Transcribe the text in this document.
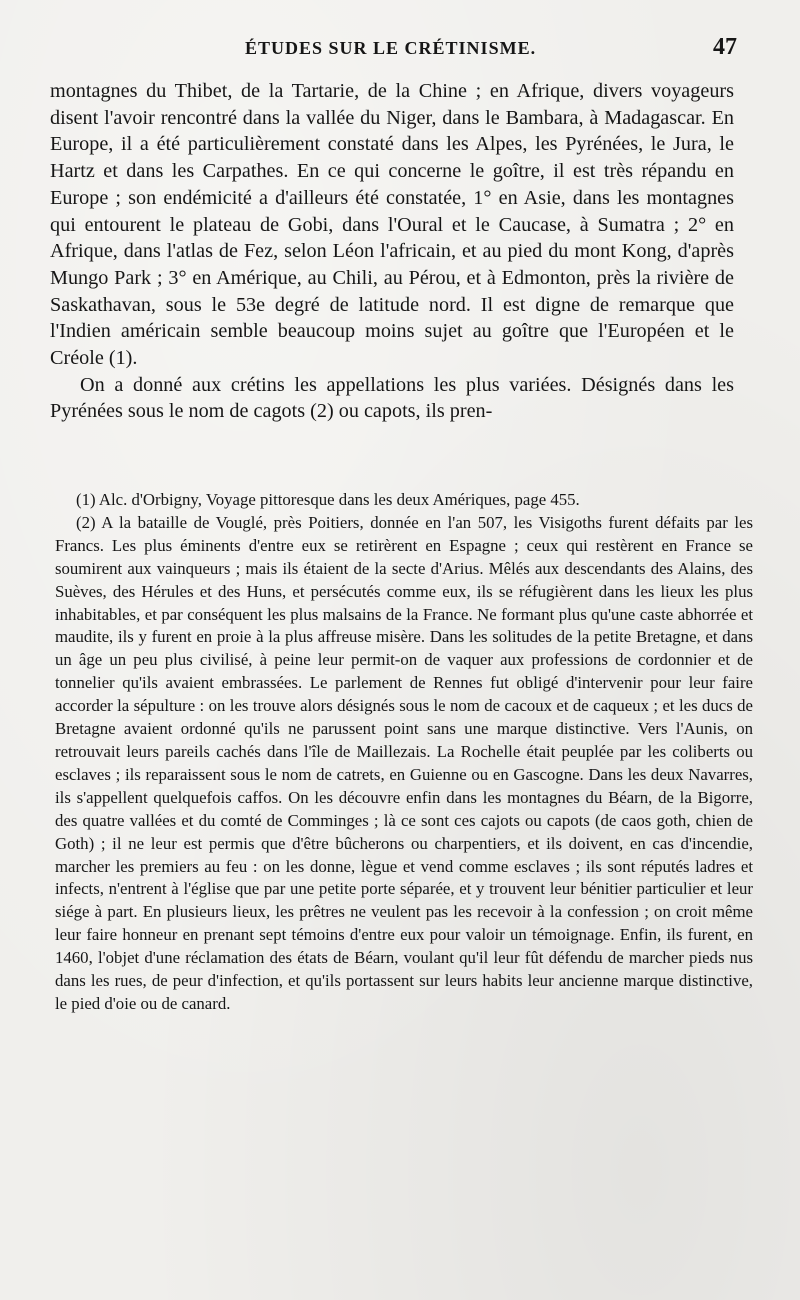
ÉTUDES SUR LE CRÉTINISME.	47

montagnes du Thibet, de la Tartarie, de la Chine ; en Afrique, divers voyageurs disent l'avoir rencontré dans la vallée du Niger, dans le Bambara, à Madagascar. En Europe, il a été particulièrement constaté dans les Alpes, les Pyrénées, le Jura, le Hartz et dans les Carpathes. En ce qui concerne le goître, il est très répandu en Europe ; son endémicité a d'ailleurs été constatée, 1° en Asie, dans les montagnes qui entourent le plateau de Gobi, dans l'Oural et le Caucase, à Sumatra ; 2° en Afrique, dans l'atlas de Fez, selon Léon l'africain, et au pied du mont Kong, d'après Mungo Park ; 3° en Amérique, au Chili, au Pérou, et à Edmonton, près la rivière de Saskathavan, sous le 53e degré de latitude nord. Il est digne de remarque que l'Indien américain semble beaucoup moins sujet au goître que l'Européen et le Créole (1).

On a donné aux crétins les appellations les plus variées. Désignés dans les Pyrénées sous le nom de cagots (2) ou capots, ils pren-

(1) Alc. d'Orbigny, Voyage pittoresque dans les deux Amériques, page 455.

(2) A la bataille de Vouglé, près Poitiers, donnée en l'an 507, les Visigoths furent défaits par les Francs. Les plus éminents d'entre eux se retirèrent en Espagne ; ceux qui restèrent en France se soumirent aux vainqueurs ; mais ils étaient de la secte d'Arius. Mêlés aux descendants des Alains, des Suèves, des Hérules et des Huns, et persécutés comme eux, ils se réfugièrent dans les lieux les plus inhabitables, et par conséquent les plus malsains de la France. Ne formant plus qu'une caste abhorrée et maudite, ils y furent en proie à la plus affreuse misère. Dans les solitudes de la petite Bretagne, et dans un âge un peu plus civilisé, à peine leur permit-on de vaquer aux professions de cordonnier et de tonnelier qu'ils avaient embrassées. Le parlement de Rennes fut obligé d'intervenir pour leur faire accorder la sépulture : on les trouve alors désignés sous le nom de cacoux et de caqueux ; et les ducs de Bretagne avaient ordonné qu'ils ne parussent point sans une marque distinctive. Vers l'Aunis, on retrouvait leurs pareils cachés dans l'île de Maillezais. La Rochelle était peuplée par les coliberts ou esclaves ; ils reparaissent sous le nom de catrets, en Guienne ou en Gascogne. Dans les deux Navarres, ils s'appellent quelquefois caffos. On les découvre enfin dans les montagnes du Béarn, de la Bigorre, des quatre vallées et du comté de Comminges ; là ce sont ces cajots ou capots (de caos goth, chien de Goth) ; il ne leur est permis que d'être bûcherons ou charpentiers, et ils doivent, en cas d'incendie, marcher les premiers au feu : on les donne, lègue et vend comme esclaves ; ils sont réputés ladres et infects, n'entrent à l'église que par une petite porte séparée, et y trouvent leur bénitier particulier et leur siége à part. En plusieurs lieux, les prêtres ne veulent pas les recevoir à la confession ; on croit même leur faire honneur en prenant sept témoins d'entre eux pour valoir un témoignage. Enfin, ils furent, en 1460, l'objet d'une réclamation des états de Béarn, voulant qu'il leur fût défendu de marcher pieds nus dans les rues, de peur d'infection, et qu'ils portassent sur leurs habits leur ancienne marque distinctive, le pied d'oie ou de canard.
